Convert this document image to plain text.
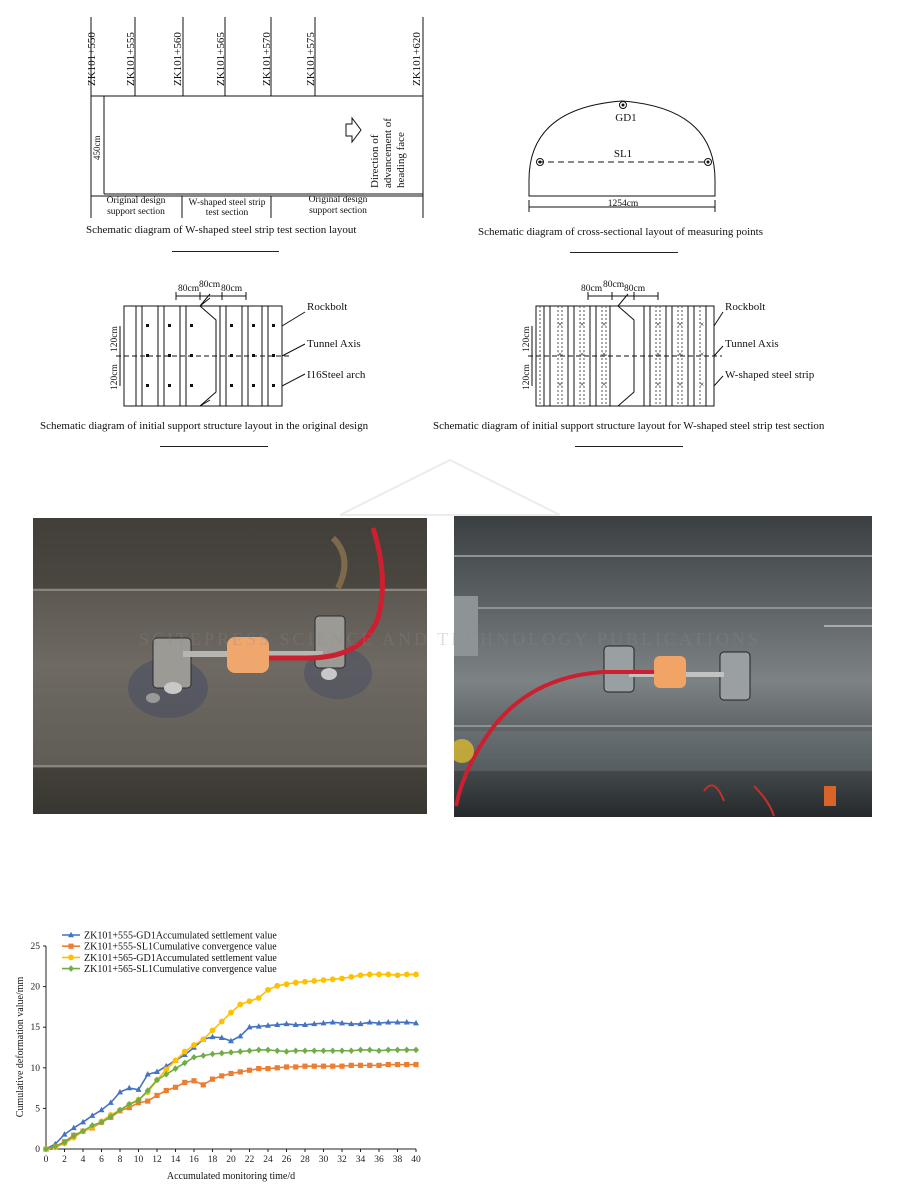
ZK101+550 ZK101+555	ZK101+560	ZK101+565	ZK101+570	ZK101+575	ZK101+620
450cm	Direction of advancement of heading face
Original design
support section
W-shaped steel strip
test section
Original design
support section
Schematic diagram of W-shaped steel strip test section layout
GD1
SL1
1254cm
Schematic diagram of cross-sectional layout of measuring points
80cm 80cm 80cm
120cm
120cm
Rockbolt
Tunnel Axis
I16Steel arch
Schematic diagram of initial support structure layout in the original design
× × ×	× × ×
× × ×	× × ×
× × ×	× × ×
80cm 80cm 80cm
120cm
120cm
Rockbolt
Tunnel Axis
W-shaped steel strip
Schematic diagram of initial support structure layout for W-shaped steel strip test section
SCITEPRESS SCIENCE AND TECHNOLOGY PUBLICATIONS
0 2 4 6 8 10 12 14 16 18 20 22 24 26 28 30 32 34 36 38 40
0
5
10
15
20
25
ZK101+555-GD1Accumulated settlement value
ZK101+555-SL1Cumulative convergence value
ZK101+565-GD1Accumulated settlement value
ZK101+565-SL1Cumulative convergence value
Accumulated monitoring time/d
Cumulative deformation value/mm
